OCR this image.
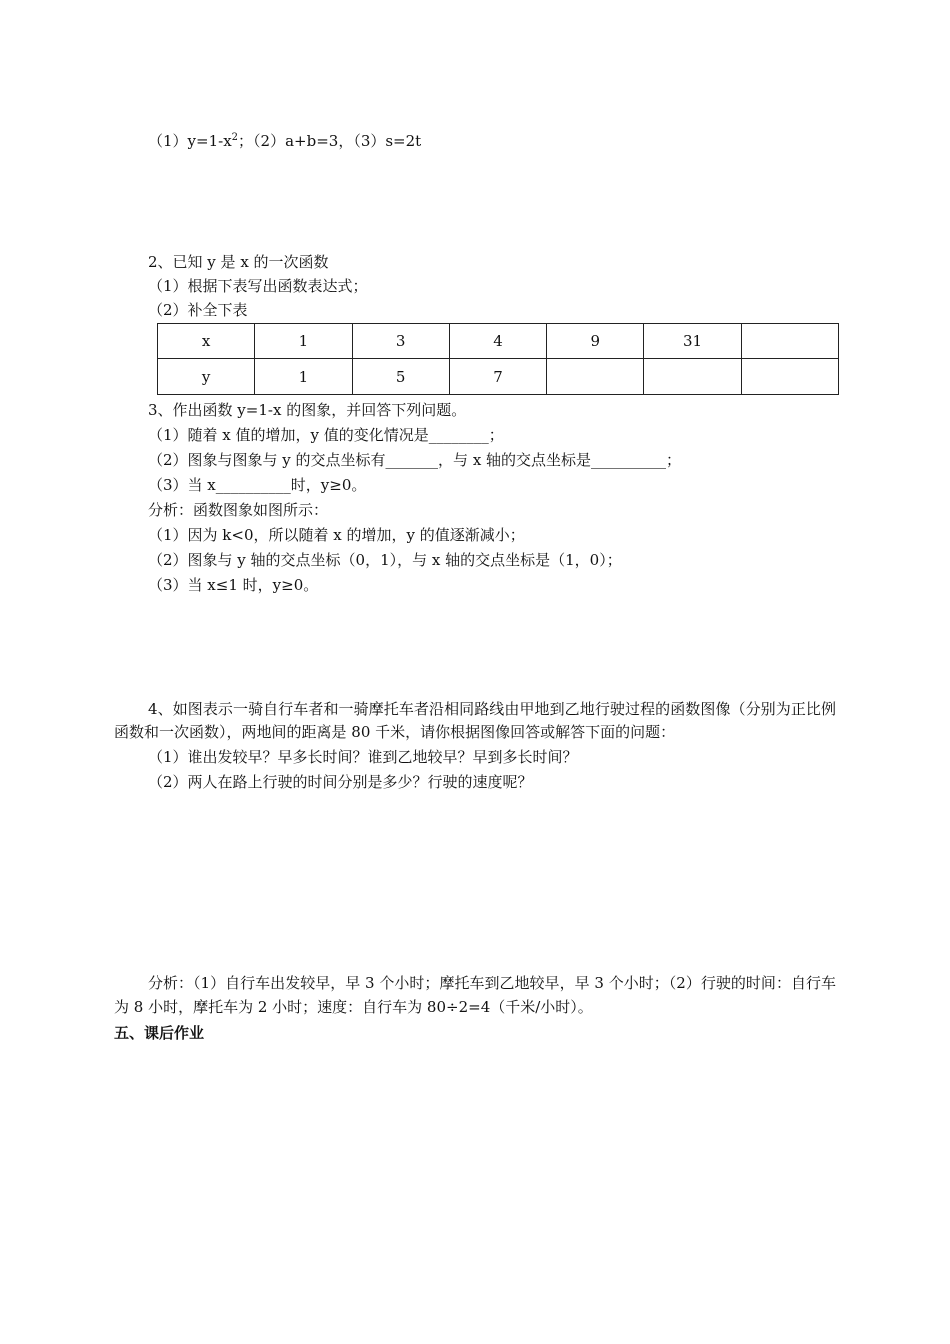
$(1)y=1-x^2$；（2）a+b=3，（3）s=2t
2、已知 y 是 x 的一次函数
（1）根据下表写出函数表达式；
（2）补全下表
x	1	3	4	9	31	
y	1	5	7			
3、作出函数 y=1-x 的图象，并回答下列问题。
（1）随着 x 值的增加，y 值的变化情况是________；
（2）图象与图象与 y 的交点坐标有_______，与 x 轴的交点坐标是__________；
（3）当 x__________时，y≥0。
分析：函数图象如图所示：
（1）因为 k<0，所以随着 x 的增加，y 的值逐渐减小；
（2）图象与 y 轴的交点坐标（0，1），与 x 轴的交点坐标是（1，0）；
（3）当 x≤1 时，y≥0。
4、如图表示一骑自行车者和一骑摩托车者沿相同路线由甲地到乙地行驶过程的函数图像（分别为正比例函数和一次函数），两地间的距离是 80 千米，请你根据图像回答或解答下面的问题：
（1）谁出发较早？早多长时间？谁到乙地较早？早到多长时间？
（2）两人在路上行驶的时间分别是多少？行驶的速度呢？
分析：（1）自行车出发较早，早 3 个小时；摩托车到乙地较早，早 3 个小时；（2）行驶的时间：自行车为 8 小时，摩托车为 2 小时；速度：自行车为 80÷2=4（千米/小时）。
五、课后作业
